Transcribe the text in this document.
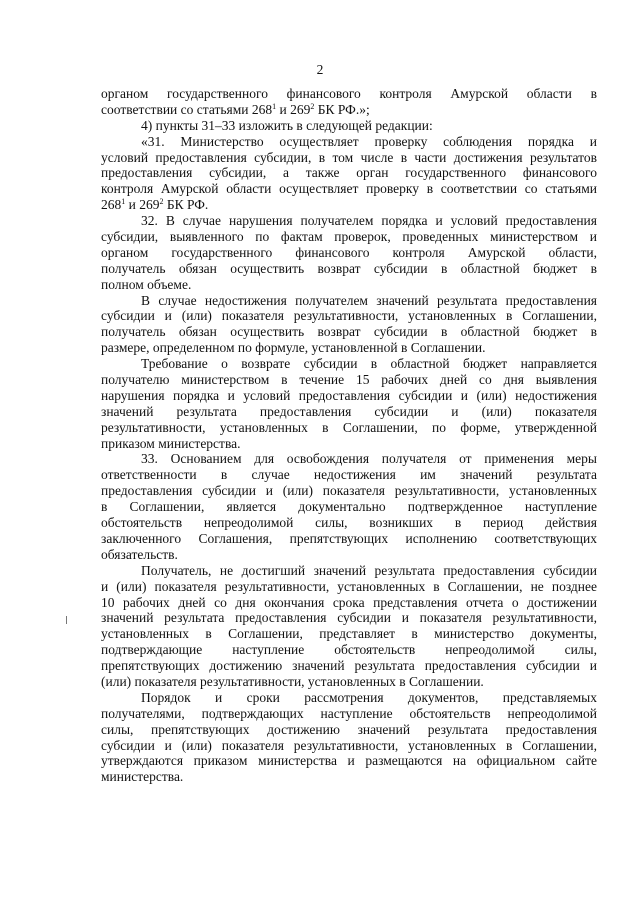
2
органом государственного финансового контроля Амурской области в
соответствии со статьями $268^1$ и $269^2$ БК РФ.»;
4) пункты 31–33 изложить в следующей редакции:
«31. Министерство осуществляет проверку соблюдения порядка и
условий предоставления субсидии, в том числе в части достижения результатов
предоставления субсидии, а также орган государственного финансового
контроля Амурской области осуществляет проверку в соответствии со статьями
$268^1$ и $269^2$ БК РФ.
32. В случае нарушения получателем порядка и условий предоставления
субсидии, выявленного по фактам проверок, проведенных министерством и
органом государственного финансового контроля Амурской области,
получатель обязан осуществить возврат субсидии в областной бюджет в
полном объеме.
В случае недостижения получателем значений результата предоставления
субсидии и (или) показателя результативности, установленных в Соглашении,
получатель обязан осуществить возврат субсидии в областной бюджет в
размере, определенном по формуле, установленной в Соглашении.
Требование о возврате субсидии в областной бюджет направляется
получателю министерством в течение 15 рабочих дней со дня выявления
нарушения порядка и условий предоставления субсидии и (или) недостижения
значений результата предоставления субсидии и (или) показателя
результативности, установленных в Соглашении, по форме, утвержденной
приказом министерства.
33. Основанием для освобождения получателя от применения меры
ответственности в случае недостижения им значений результата
предоставления субсидии и (или) показателя результативности, установленных
в Соглашении, является документально подтвержденное наступление
обстоятельств непреодолимой силы, возникших в период действия
заключенного Соглашения, препятствующих исполнению соответствующих
обязательств.
Получатель, не достигший значений результата предоставления субсидии
и (или) показателя результативности, установленных в Соглашении, не позднее
10 рабочих дней со дня окончания срока представления отчета о достижении
значений результата предоставления субсидии и показателя результативности,
установленных в Соглашении, представляет в министерство документы,
подтверждающие наступление обстоятельств непреодолимой силы,
препятствующих достижению значений результата предоставления субсидии и
(или) показателя результативности, установленных в Соглашении.
Порядок и сроки рассмотрения документов, представляемых
получателями, подтверждающих наступление обстоятельств непреодолимой
силы, препятствующих достижению значений результата предоставления
субсидии и (или) показателя результативности, установленных в Соглашении,
утверждаются приказом министерства и размещаются на официальном сайте
министерства.
